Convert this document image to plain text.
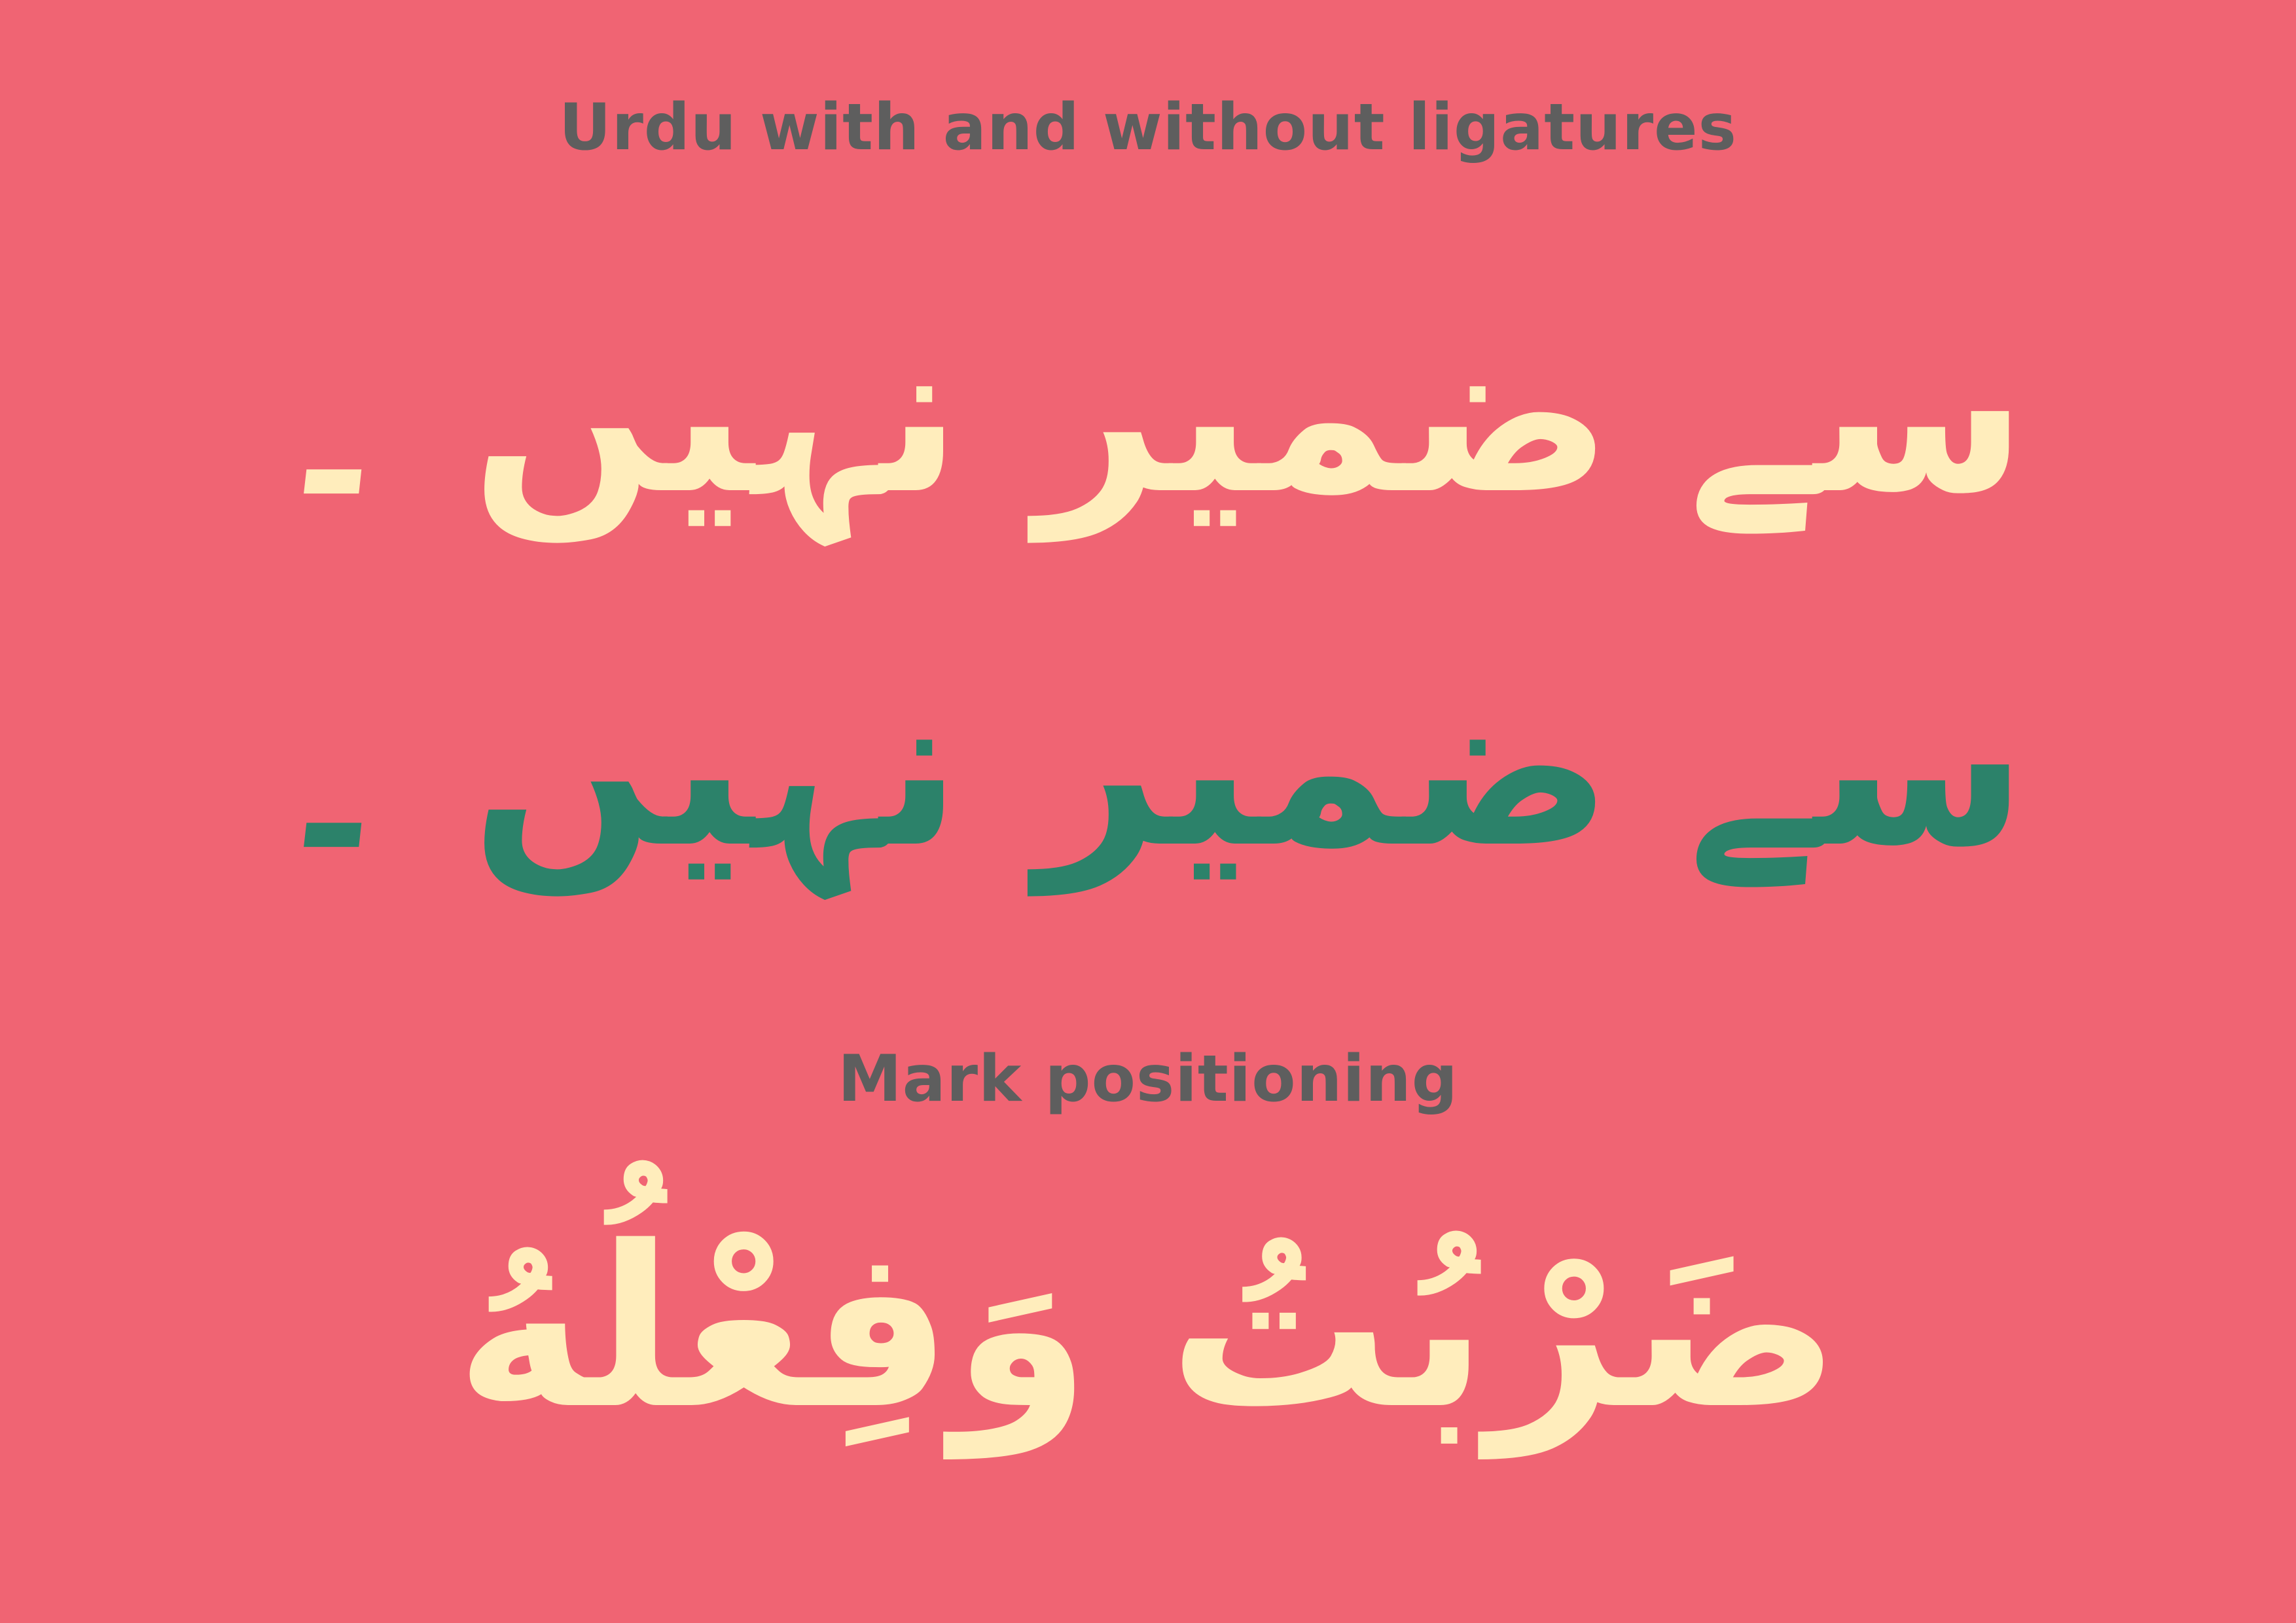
Urdu with and without ligatures
سے ضمیر نہیں ۔
سے ضمیر نہیں ۔
Mark positioning
ضَرْبُتُ وَفِعْلُهُ
